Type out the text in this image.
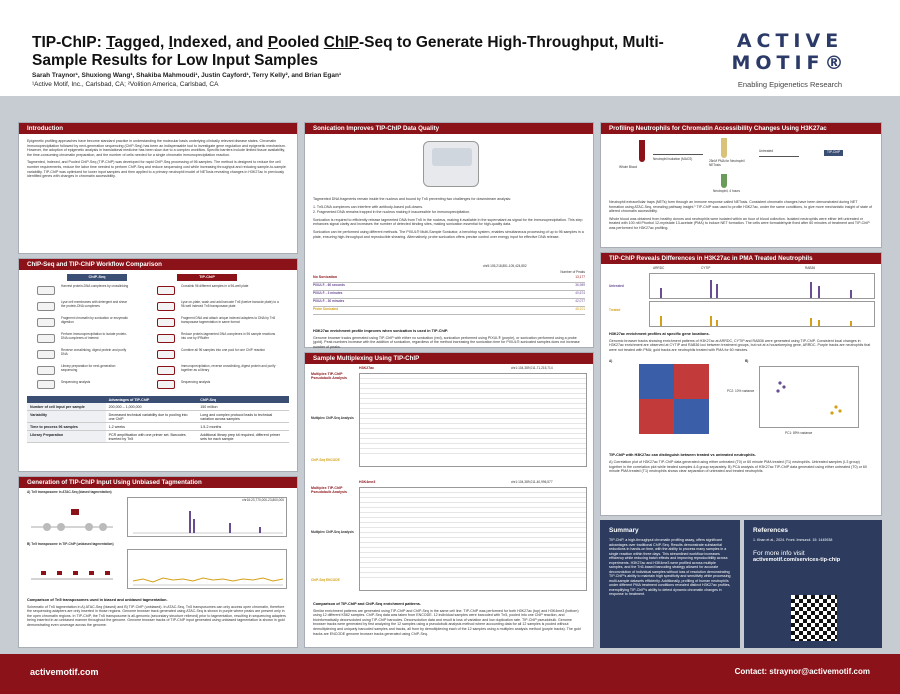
TIP-ChIP: Tagged, Indexed, and Pooled ChIP-Seq to Generate High-Throughput, Multi-Sample Results for Low Input Samples
Sarah Traynor¹, Shuxiong Wang¹, Shakiba Mahmoudi¹, Justin Cayford¹, Terry Kelly², and Brian Egan¹
¹Active Motif, Inc., Carlsbad, CA; ²Volition America, Carlsbad, CA
ACTIVE MOTIF®
Enabling Epigenetics Research
Introduction

Epigenetic profiling approaches have become standard practice in understanding the molecular basis underlying clinically relevant disease states. Chromatin immunoprecipitation followed by next-generation sequencing (ChIP-Seq) has been an indispensable tool to investigate gene regulation and epigenetic mechanism. However, the adoption of epigenetic analysis in translational medicine has been slow due to a complex workflow. Specific barriers include limited tissue availability, the time-consuming chromatin preparation, and the number of cells needed for a single chromatin immunoprecipitation reaction.

Tagmented, Indexed, and Pooled ChIP-Seq (TIP-ChIP) was developed for rapid ChIP-Seq processing of 96 samples. The method is designed to reduce the cell number requirements, reduce the labor time needed to perform ChIP-Seq and reduce sequencing cost while increasing throughput and reducing sample-to-sample variability. TIP-ChIP was optimized for lower input samples and then applied to a primary neutrophil model of NETosis revealing changes in H3K27ac in previously identified genes with changes in chromatin accessibility.

ChIP-Seq and TIP-ChIP Workflow Comparison
ChIP-Seq	TIP-ChIP
Harvest protein-DNA complexes by crosslinking
Lyse cell membranes with detergent and shear the protein-DNA complexes
Fragment chromatin by sonication or enzymatic digestion
Perform immunoprecipitation to isolate protein-DNA complexes of interest
Reverse crosslinking, digest protein and purify DNA
Library preparation for next-generation sequencing
Sequencing analysis
Crosslink 96 different samples in a 96-well plate
Lyse on-plate, wash and add barcode Tn5 (twelve barcode plate) to a 96-well indexed Tn5 transposase plate
Fragment DNA and attach unique indexed adapters to DNA by Tn5 transposase tagmentation in same format
Reduce protein-tagmented DNA complexes in 96 sample reactions into one by IPBuffer
Combine all 96 samples into one pool for one ChIP reaction
Immunoprecipitation, reverse crosslinking, digest protein and purify together as a library
Sequencing analysis
	Advantages of TIP-ChIP	ChIP-Seq
Number of cell input per sample	200,000 – 1,000,000	150 million
Variability	Decreased technical variability due to pooling into one ChIP	Long and complex protocol leads to technical variation across samples
Time to process 96 samples	1-2 weeks	1.5-2 months
Library Preparation	PCR amplification with one primer set. Barcodes inserted by Tn5	Additional library prep kit required, different primer sets for each sample
Generation of TIP-ChIP Input Using Unbiased Tagmentation
A) Tn5 transposome in ATAC-Seq (biased tagmentation)
chr16:23,770,000-23,800,000
B) Tn5 transposome in TIP-ChIP (unbiased tagmentation)
Comparison of Tn5 transposomes used in biased and unbiased tagmentation.

Schematic of Tn5 tagmentation in A) ATAC-Seq (biased) and B) TIP-ChIP (unbiased). In ATAC-Seq, Tn5 transposomes can only access open chromatin, therefore the sequencing adapters are only inserted in those regions. Genome browser track generated using ATAC-Seq is shown in purple where peaks are present only in the open chromatin regions. In TIP-ChIP, the Tn5 transposome is all-genomic (secondary structure relieved) prior to tagmentation, resulting in sequencing adapters being inserted in an unbiased manner throughout the genome. Genome browser tracks of TIP-ChIP input generated using unbiased tagmentation is shown in gold demonstrating even coverage across the genome.

Sonication Improves TIP-ChIP Data Quality

Tagmented DNA fragments remain inside the nucleus and bound by Tn5 preventing two challenges for downstream analysis:

1. Tn5-DNA complexes can interfere with antibody-based pull-downs.

2. Fragmented DNA remains trapped in the nucleus making it inaccessible for immunoprecipitation.

Sonication is required to efficiently release tagmented DNA from Tn5 in the nucleus, making it available in the supernatant as signal for the immunoprecipitation. This step enhances signal clarity and increases the number of detected binding sites, making sonication essential for high-quality data.

Sonication can be performed using different methods. The PIXUL® Multi-Sample Sonicator, a benchtop system, enables simultaneous processing of up to 96 samples in a plate, ensuring high-throughput and reproducible shearing. Alternatively, probe sonication offers precise control over energy input for effective DNA release.

chr5:105,218,851-105,424,852
Number of Peaks
No Sonication	13,177
PIXUL® - 60 seconds	36,989
PIXUL® - 3 minutes	40,674
PIXUL® - 30 minutes	42,077
Probe Sonicated	48,101
H3K27ac enrichment profile improves when sonication is used in TIP-ChIP.

Genome browser tracks generated using TIP-ChIP with either no sonication (red), sonication performed using PIXUL® (purple), or sonication performed using a probe (gold). Peak numbers increase with the addition of sonication, regardless of the method increasing the sonication time for PIXUL®-sonicated samples does not increase number of peaks.

Sample Multiplexing Using TIP-ChIP
H3K27ac	chr1:104,389,011-71,215,714
Multiplex TIP-ChIP Pseudobulk Analysis
Multiplex ChIP-Seq Analysis
ChIP-Seq ENCODE
H3K4me3	chr1:104,389,011-40,996,577
Multiplex TIP-ChIP Pseudobulk Analysis
Multiplex ChIP-Seq Analysis
ChIP-Seq ENCODE
Comparison of TIP-ChIP and ChIP-Seq enrichment patterns.

Similar enrichment patterns are generated using TIP-ChIP and ChIP-Seq in the same cell line. TIP-ChIP was performed for both H3K27ac (top) and H3K4me3 (bottom) using 12 different K562 samples. ChIP-Seq data was taken from ENCODE. 12 individual samples were barcoded with Tn5, pooled into one ChIP reaction, and bioinformatically deconvoluted using TIP-ChIP barcodes. Deconvolution data and result is loss of variation and low duplication rate. TIP-ChIP pseudobulk. Genome browser tracks were generated by first analyzing the 12 samples using a pseudobulk analysis method where accounting data for all 12 samples is pooled without demultiplexing and uniquely barcoded samples and tracks, all from by demultiplexing each of the 12 samples using a multiplex analysis method (purple tracks). The gold tracks are ENCODE genome browser tracks generated using ChIP-Seq.

Profiling Neutrophils for Chromatin Accessibility Changes Using H3K27ac
Whole Blood
Neutrophil isolation (MACS)	25nM PMA for Neutrophil NETosis
Untreated	TIP-ChIP
Neutrophil, 4 hours

Neutrophil extracellular traps (NETs) form through an immune response called NETosis. Consistent chromatin changes have been demonstrated during NET formation using ATAC-Seq, revealing pathway insight.¹ TIP-ChIP was used to profile H3K27ac, under the same conditions, to give more mechanistic insight of state of altered chromatin accessibility.

Whole blood was obtained from healthy donors and neutrophils were isolated within an hour of blood collection. Isolated neutrophils were either left untreated or treated with 100 nM Phorbol 12-myristate 13-acetate (PMA) to induce NET formation. The cells were formaldehyde fixed after 60 minutes of treatment and TIP-ChIP was performed for H3K27ac profiling.

TIP-ChIP Reveals Differences in H3K27ac in PMA Treated Neutrophils
ARRDC	CYTIP	RAB36
Untreated
Treated
H3K27ac enrichment profiles at specific gene locations.

Genomic browser tracks showing enrichment patterns of H3K27ac at ARRDC, CYTIP and RAB36 were generated using TIP-ChIP. Consistent local changes in H3K27ac enrichment are observed at CYTIP and RAB36 loci between treatment groups, but not at a housekeeping gene, ARRDC. Purple tracks are neutrophils that were not treated with PMA; gold tracks are neutrophils treated with PMA for 60 minutes.

A)	B)
PC1: 89% variance
PC2: 10% variance
TIP-ChIP with H3K27ac can distinguish between treated vs untreated neutrophils.

A) Correlation plot of H3K27ac TIP-ChIP data generated using either untreated (T0) or 60 minute PMA treated (T1) neutrophils. Untreated samples (I-3 group) together in the correlation plot while treated samples 4-6 group separately. B) PCA analysis of H3K27ac TIP-ChIP data generated using either untreated (T0) or 60 minute PMA treated (T1) neutrophils shows clear separation of untreated and treated neutrophils.

Summary

TIP-ChIP, a high-throughput chromatin profiling assay, offers significant advantages over traditional ChIP-Seq. Results demonstrate substantial reductions in hands-on time, with the ability to process many samples in a single reaction within three days. This streamlined workflow increases efficiency while reducing batch effects and improving reproducibility across experiments. H3K27ac and H3K4me3 were profiled across multiple samples, and the Tn5-based barcoding strategy allowed for accurate deconvolution of individual samples without loss of resolution demonstrating TIP-ChIP's ability to maintain high specificity and sensitivity while processing multi-sample datasets efficiently. Additionally, profiling of human neutrophils under different PMA treatment conditions revealed distinct H3K27ac profiles, exemplifying TIP-ChIP's ability to detect dynamic chromatin changes in response to treatment.

References

1. Khan et al., 2024. Front. Immunol. 15: 1445938

For more info visit

activemotif.com/services-tip-chip

activemotif.com	Contact: straynor@activemotif.com
